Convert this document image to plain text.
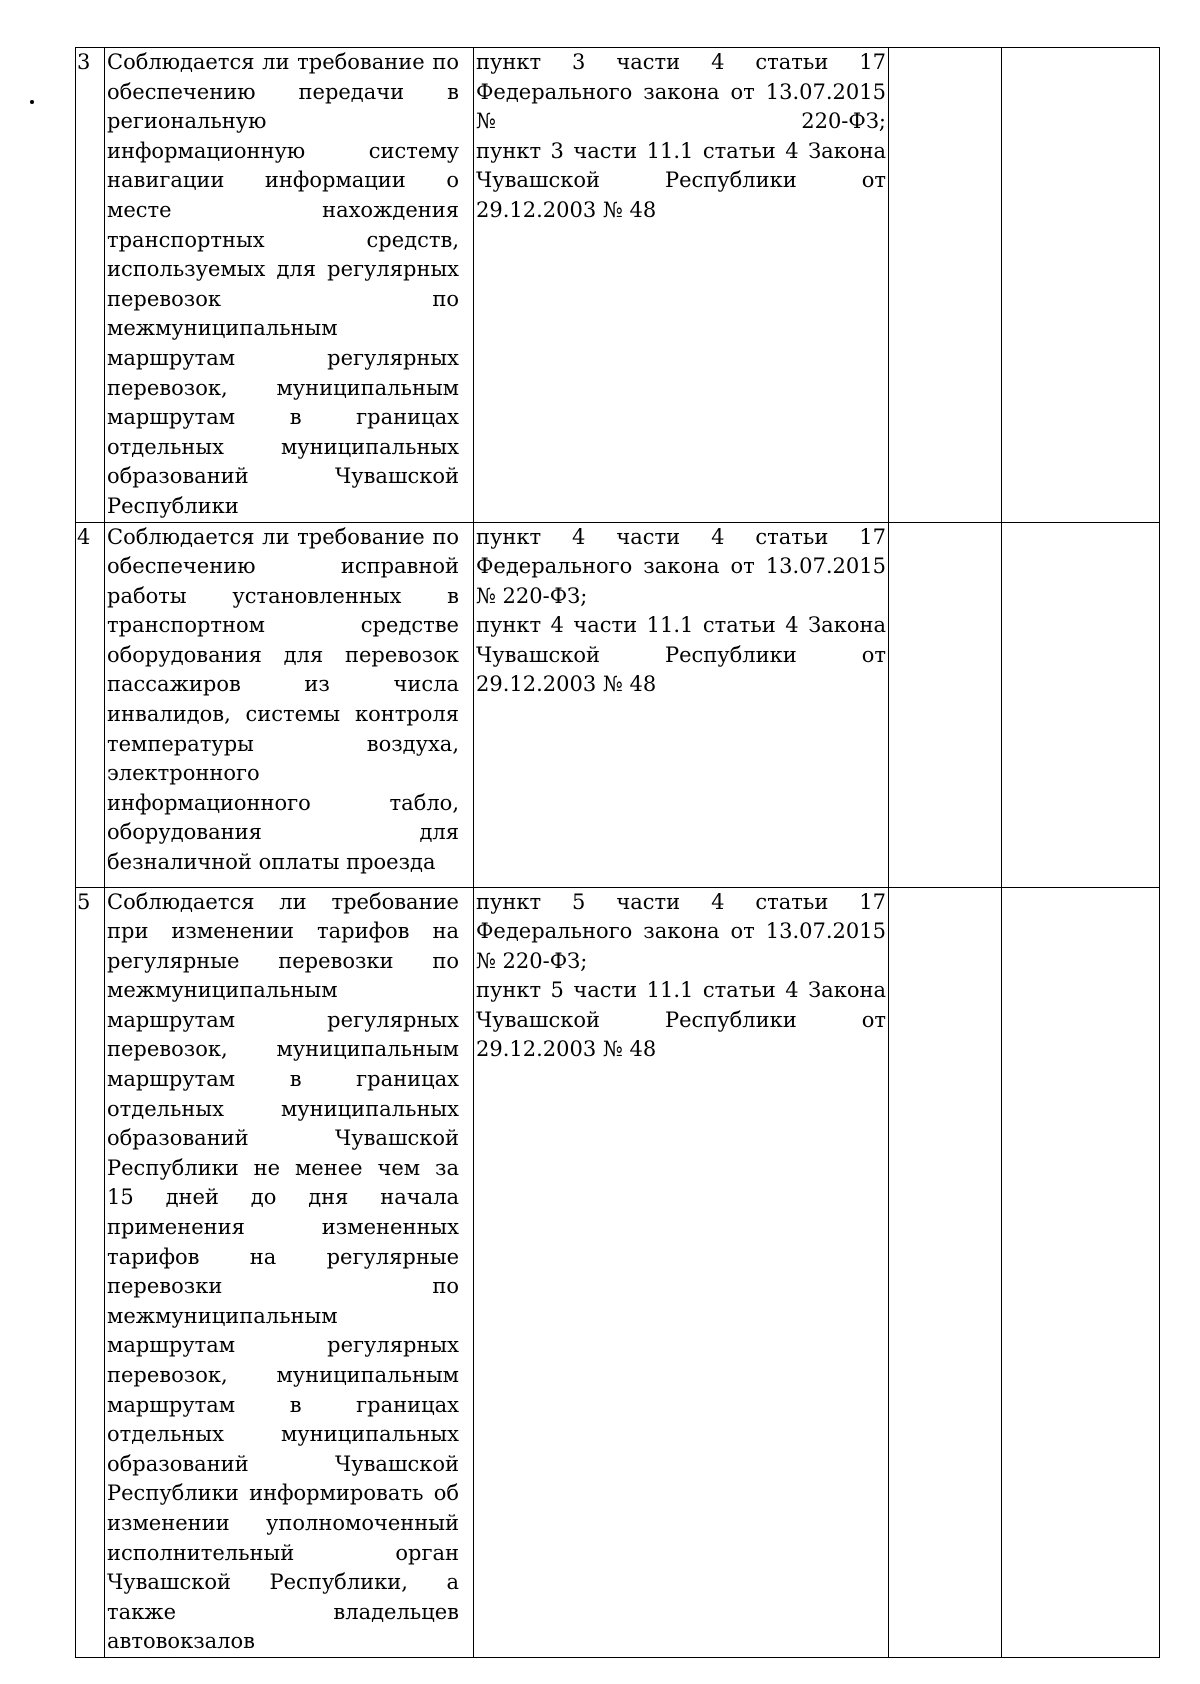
3	Соблюдается ли требование по обеспечению передачи в региональную информационную систему навигации информации о месте нахождения транспортных средств, используемых для регулярных перевозок по межмуниципальным маршрутам регулярных перевозок, муниципальным маршрутам в границах отдельных муниципальных образований Чувашской Республики	пункт 3 части 4 статьи 17 Федерального закона от 13.07.2015 № 220-ФЗ;
пункт 3 части 11.1 статьи 4 Закона Чувашской Республики от 29.12.2003 № 48		

4	Соблюдается ли требование по обеспечению исправной работы установленных в транспортном средстве оборудования для перевозок пассажиров из числа инвалидов, системы контроля температуры воздуха, электронного информационного табло, оборудования для безналичной оплаты проезда	пункт 4 части 4 статьи 17 Федерального закона от 13.07.2015 № 220-ФЗ;
пункт 4 части 11.1 статьи 4 Закона Чувашской Республики от 29.12.2003 № 48		

5	Соблюдается ли требование при изменении тарифов на регулярные перевозки по межмуниципальным маршрутам регулярных перевозок, муниципальным маршрутам в границах отдельных муниципальных образований Чувашской Республики не менее чем за 15 дней до дня начала применения измененных тарифов на регулярные перевозки по межмуниципальным маршрутам регулярных перевозок, муниципальным маршрутам в границах отдельных муниципальных образований Чувашской Республики информировать об изменении уполномоченный исполнительный орган Чувашской Республики, а также владельцев автовокзалов	пункт 5 части 4 статьи 17 Федерального закона от 13.07.2015 № 220-ФЗ;
пункт 5 части 11.1 статьи 4 Закона Чувашской Республики от 29.12.2003 № 48		
